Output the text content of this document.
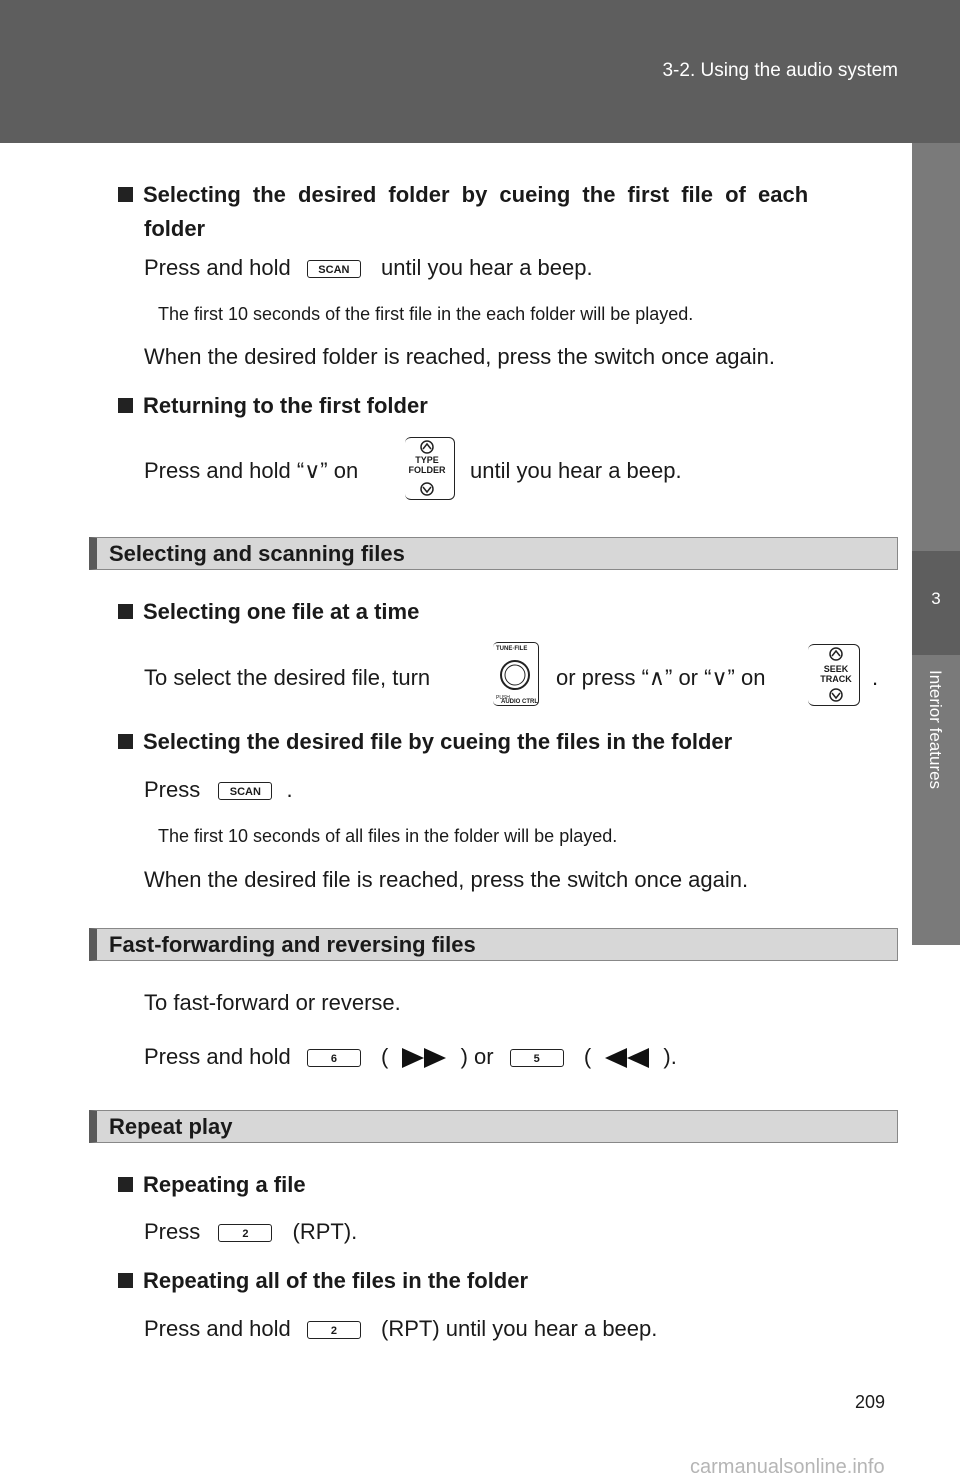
3-2. Using the audio system
3
Interior features
Selecting the desired folder by cueing the first file of each
folder
Press and hold	SCAN until you hear a beep.
The first 10 seconds of the first file in the each folder will be played.
When the desired folder is reached, press the switch once again.
Returning to the first folder
Press and hold “∨” on	TYPE
FOLDER until you hear a beep.
Selecting and scanning files
Selecting one file at a time
To select the desired file, turn
TUNE·FILE
PUSH
AUDIO CTRL
or press “∧” or “∨” on	SEEK
TRACK .
Selecting the desired file by cueing the files in the folder
Press	SCAN .
The first 10 seconds of all files in the folder will be played.
When the desired file is reached, press the switch once again.
Fast-forwarding and reversing files
To fast-forward or reverse.
Press and hold	6 (	) or	5 (	).
Repeat play
Repeating a file
Press	2 (RPT).
Repeating all of the files in the folder
Press and hold	2 (RPT) until you hear a beep.
209
carmanualsonline.info
